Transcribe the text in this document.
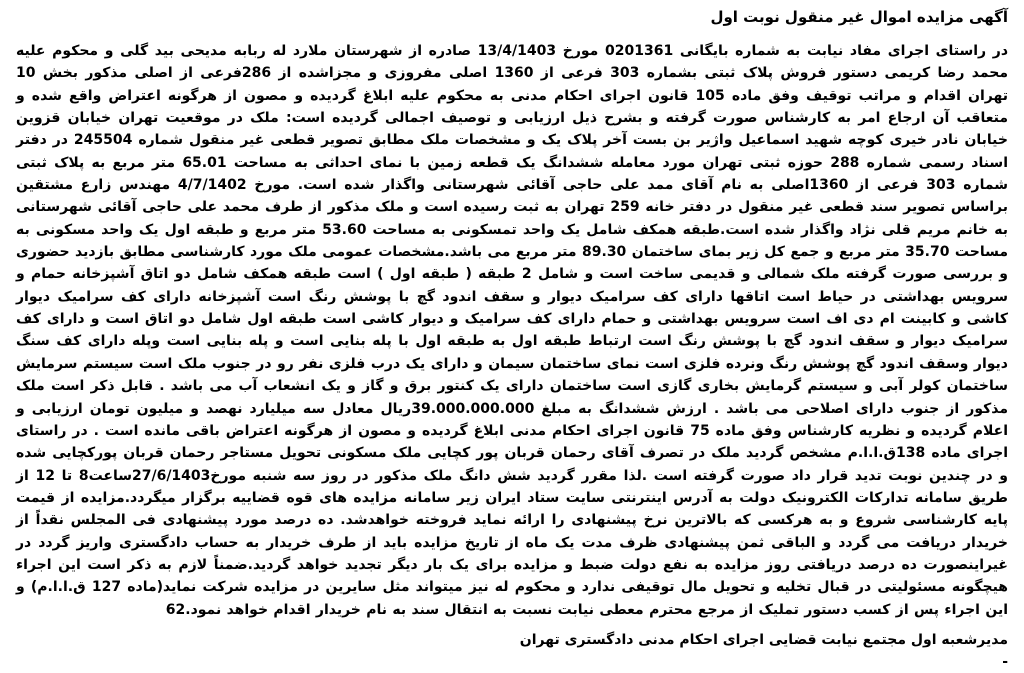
آگهی مزایده اموال غیر منقول نوبت اول

در راستای اجرای مفاد نیابت به شماره بایگانی 0201361 مورخ 13/4/1403 صادره از شهرستان ملارد له ربابه مدیحی بید گلی و محکوم علیه محمد رضا کریمی دستور فروش پلاک ثبتی بشماره 303 فرعی از 1360 اصلی مفروزی و مجزاشده از 286فرعی از اصلی مذکور بخش 10 تهران اقدام و مراتب توقیف وفق ماده 105 قانون اجرای احکام مدنی به محکوم علیه ابلاغ گردیده و مصون از هرگونه اعتراض واقع شده و متعاقب آن ارجاع امر به کارشناس صورت گرفته و بشرح ذیل ارزیابی و توصیف اجمالی گردیده است: ملک در موقعیت تهران خیابان قزوین خیابان نادر خیری کوچه شهید اسماعیل واژیر بن بست آخر پلاک یک و مشخصات ملک مطابق تصویر قطعی غیر منقول شماره 245504 در دفتر اسناد رسمی شماره 288 حوزه ثبتی تهران مورد معامله ششدانگ یک قطعه زمین با نمای احداثی به مساحت 65.01 متر مربع به پلاک ثبتی شماره 303 فرعی از 1360اصلی به نام آقای ممد علی حاجی آقائی شهرستانی واگذار شده است. مورخ 4/7/1402 مهندس زارع مشتقین براساس تصویر سند قطعی غیر منقول در دفتر خانه 259 تهران به ثبت رسیده است و ملک مذکور از طرف محمد علی حاجی آقائی شهرستانی به خانم مریم قلی نژاد واگذار شده است.طبقه همکف شامل یک واحد تمسکونی به مساحت 53.60 متر مربع و طبقه اول یک واحد مسکونی به مساحت 35.70 متر مربع و جمع کل زیر بمای ساختمان 89.30 متر مربع می باشد.مشخصات عمومی ملک مورد کارشناسی مطابق بازدید حضوری و بررسی صورت گرفته ملک شمالی و قدیمی ساخت است و شامل 2 طبقه ( طبقه اول ) است طبقه همکف شامل دو اتاق آشپزخانه حمام و سرویس بهداشتی در حیاط است اتاقها دارای کف سرامیک دیوار و سقف اندود گچ با پوشش رنگ است آشپزخانه دارای کف سرامیک دیوار کاشی و کابینت ام دی اف است سرویس بهداشتی و حمام دارای کف سرامیک و دیوار کاشی است طبقه اول شامل دو اتاق است و دارای کف سرامیک دیوار و سقف اندود گچ با پوشش رنگ است ارتباط طبقه اول به طبقه اول با پله بنایی است و پله بنایی است وپله دارای کف سنگ دیوار وسقف اندود گچ پوشش رنگ ونرده فلزی است نمای ساختمان سیمان و دارای یک درب فلزی نفر رو در جنوب ملک است سیستم سرمایش ساختمان کولر آبی و سیستم گرمایش بخاری گازی است ساختمان دارای یک کنتور برق و گاز و یک انشعاب آب می باشد . قابل ذکر است ملک مذکور از جنوب دارای اصلاحی می باشد . ارزش ششدانگ به مبلغ 39.000.000.000ریال معادل سه میلیارد نهصد و میلیون تومان ارزیابی و اعلام گردیده و نظریه کارشناس وفق ماده 75 قانون اجرای احکام مدنی ابلاغ گردیده و مصون از هرگونه اعتراض باقی مانده است . در راستای اجرای ماده 138ق.ا.ا.م مشخص گردید ملک در تصرف آقای رحمان قربان پور کچایی ملک مسکونی تحویل مستاجر رحمان قربان پورکچایی شده و در چندین نوبت تدید قرار داد صورت گرفته است .لذا مقرر گردید شش دانگ ملک مذکور در روز سه شنبه مورخ27/6/1403ساعت8 تا 12 از طریق سامانه تدارکات الکترونیک دولت به آدرس اینترنتی سایت ستاد ایران زیر سامانه مزایده های قوه قضاییه برگزار میگردد.مزایده از قیمت پایه کارشناسی شروع و به هرکسی که بالاترین نرخ پیشنهادی را ارائه نماید فروخته خواهدشد. ده درصد مورد پیشنهادی فی المجلس نقداً از خریدار دریافت می گردد و الباقی ثمن پیشنهادی ظرف مدت یک ماه از تاریخ مزایده باید از طرف خریدار به حساب دادگستری واریز گردد در غیراینصورت ده درصد دریافتی روز مزایده به نفع دولت ضبط و مزایده برای یک بار دیگر تجدید خواهد گردید.ضمناً لازم به ذکر است این اجراء هیچگونه مسئولیتی در قبال تخلیه و تحویل مال توقیفی ندارد و محکوم له نیز میتواند مثل سایرین در مزایده شرکت نماید(ماده 127 ق.ا.ا.م) و این اجراء پس از کسب دستور تملیک از مرجع محترم معطی نیابت نسبت به انتقال سند به نام خریدار اقدام خواهد نمود.62

مدیرشعبه اول مجتمع نیابت قضایی اجرای احکام مدنی دادگستری تهران
-
